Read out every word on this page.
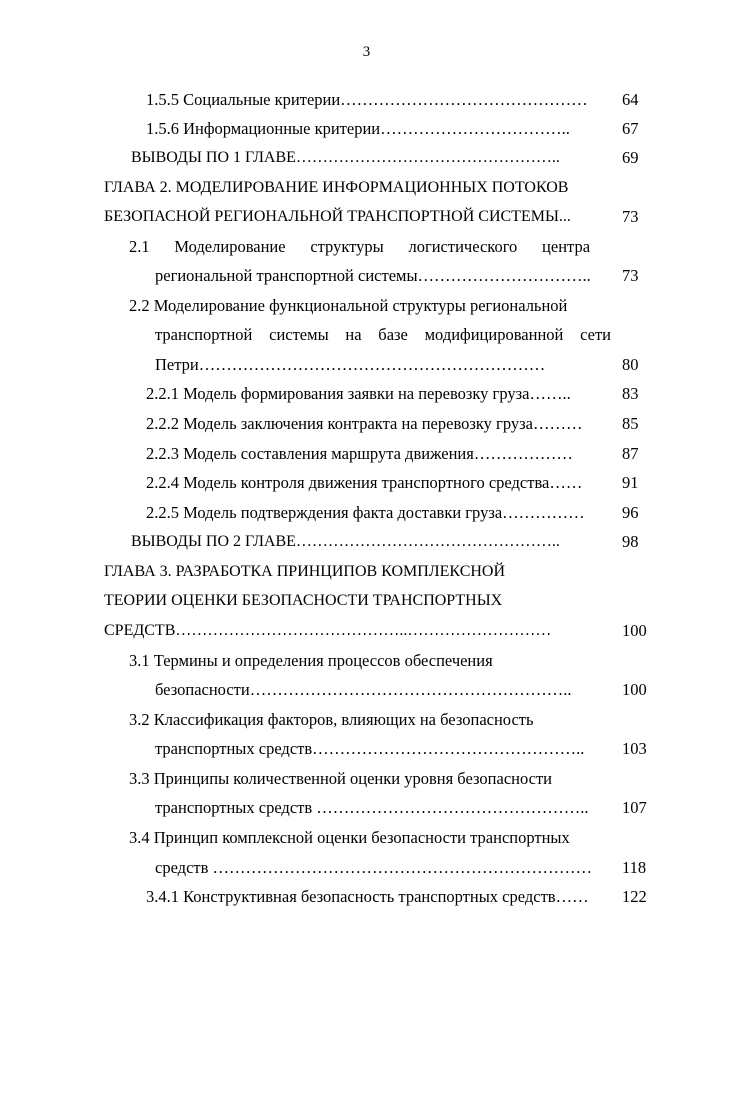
3
1.5.5 Социальные критерии………………………………………	64
1.5.6 Информационные критерии……………………………..	67
ВЫВОДЫ ПО 1 ГЛАВЕ…………………………………………..	69
ГЛАВА 2. МОДЕЛИРОВАНИЕ ИНФОРМАЦИОННЫХ ПОТОКОВ
БЕЗОПАСНОЙ РЕГИОНАЛЬНОЙ ТРАНСПОРТНОЙ СИСТЕМЫ...	73
2.1      Моделирование      структуры      логистического      центра
региональной транспортной системы………………………….. 73
2.2 Моделирование функциональной структуры региональной
транспортной системы на базе модифицированной сети
Петри………………………………………………………	80
2.2.1 Модель формирования заявки на перевозку груза……..	83
2.2.2 Модель заключения контракта на перевозку груза……… 85
2.2.3 Модель составления маршрута движения………………	87
2.2.4 Модель контроля движения транспортного средства…… 91
2.2.5 Модель подтверждения факта доставки груза…………… 96
ВЫВОДЫ ПО 2 ГЛАВЕ…………………………………………..	98
ГЛАВА 3. РАЗРАБОТКА ПРИНЦИПОВ КОМПЛЕКСНОЙ
ТЕОРИИ ОЦЕНКИ БЕЗОПАСНОСТИ ТРАНСПОРТНЫХ
СРЕДСТВ……………………………………..………………………	100
3.1 Термины и определения процессов обеспечения
безопасности…………………………………………………..	100
3.2 Классификация факторов, влияющих на безопасность
транспортных средств………………………………………….. 103
3.3 Принципы количественной оценки уровня безопасности
транспортных средств ………………………………………….. 107
3.4 Принцип комплексной оценки безопасности транспортных
средств …………………………………………………………… 118
3.4.1 Конструктивная безопасность транспортных средств…… 122
